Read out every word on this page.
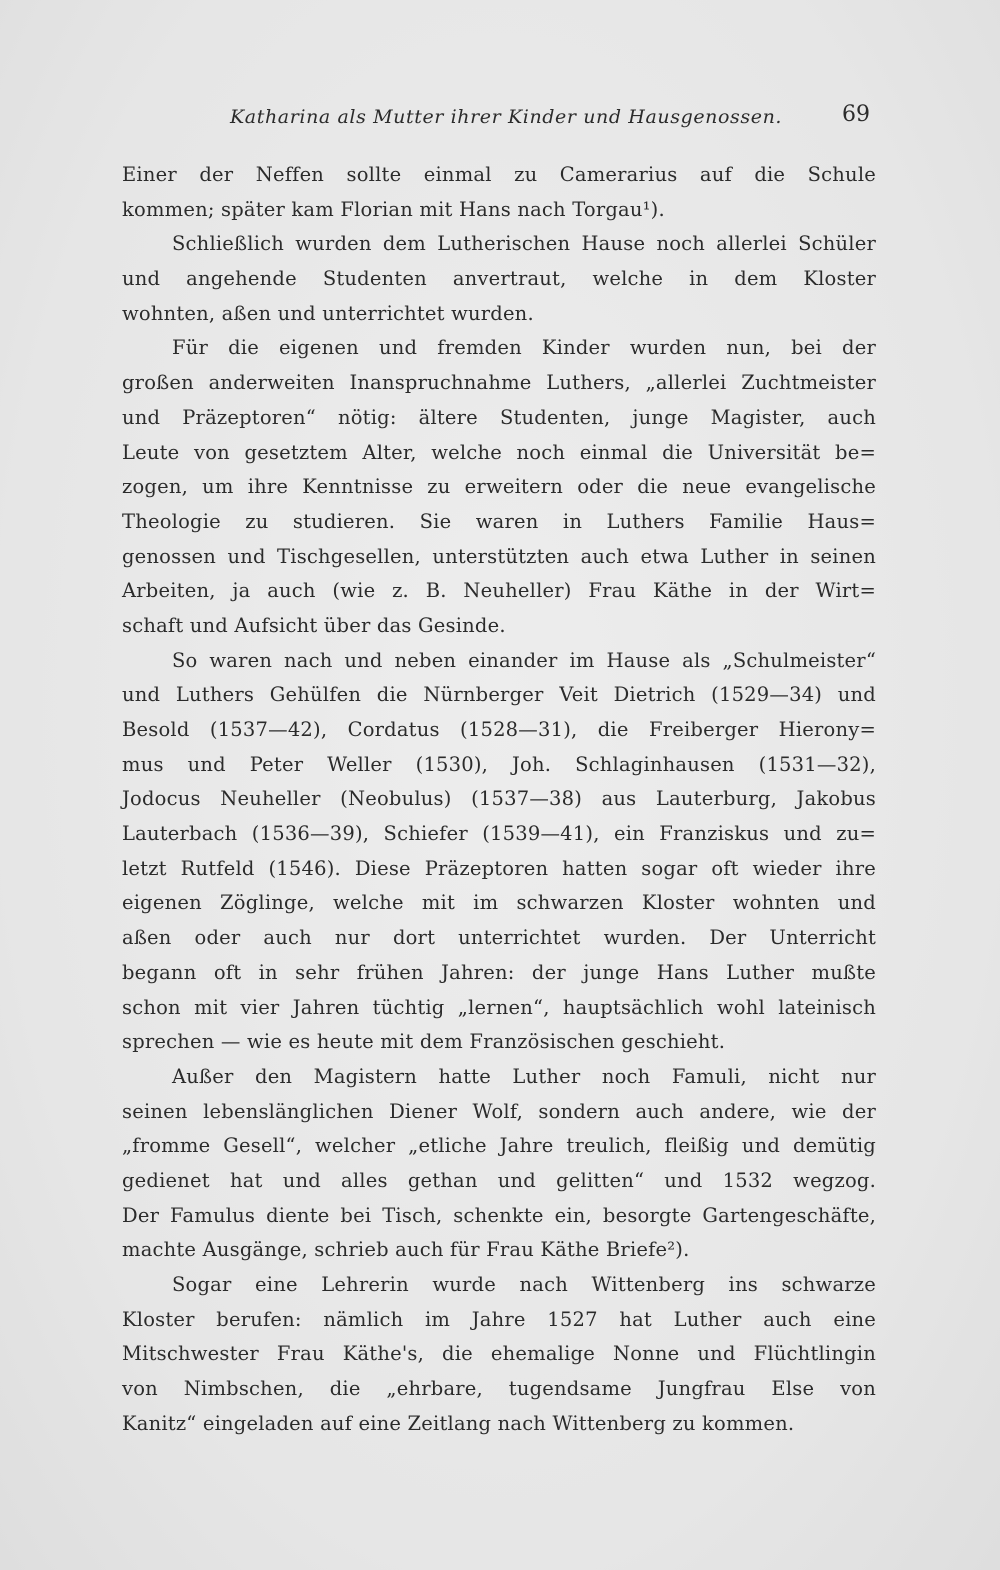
Katharina als Mutter ihrer Kinder und Hausgenossen.	69
Einer der Neffen sollte einmal zu Camerarius auf die Schule
kommen; später kam Florian mit Hans nach Torgau¹).
Schließlich wurden dem Lutherischen Hause noch allerlei Schüler
und angehende Studenten anvertraut, welche in dem Kloster
wohnten, aßen und unterrichtet wurden.
Für die eigenen und fremden Kinder wurden nun, bei der
großen anderweiten Inanspruchnahme Luthers, „allerlei Zuchtmeister
und Präzeptoren“ nötig: ältere Studenten, junge Magister, auch
Leute von gesetztem Alter, welche noch einmal die Universität be=
zogen, um ihre Kenntnisse zu erweitern oder die neue evangelische
Theologie zu studieren. Sie waren in Luthers Familie Haus=
genossen und Tischgesellen, unterstützten auch etwa Luther in seinen
Arbeiten, ja auch (wie z. B. Neuheller) Frau Käthe in der Wirt=
schaft und Aufsicht über das Gesinde.
So waren nach und neben einander im Hause als „Schulmeister“
und Luthers Gehülfen die Nürnberger Veit Dietrich (1529—34) und
Besold (1537—42), Cordatus (1528—31), die Freiberger Hierony=
mus und Peter Weller (1530), Joh. Schlaginhausen (1531—32),
Jodocus Neuheller (Neobulus) (1537—38) aus Lauterburg, Jakobus
Lauterbach (1536—39), Schiefer (1539—41), ein Franziskus und zu=
letzt Rutfeld (1546). Diese Präzeptoren hatten sogar oft wieder ihre
eigenen Zöglinge, welche mit im schwarzen Kloster wohnten und
aßen oder auch nur dort unterrichtet wurden. Der Unterricht
begann oft in sehr frühen Jahren: der junge Hans Luther mußte
schon mit vier Jahren tüchtig „lernen“, hauptsächlich wohl lateinisch
sprechen — wie es heute mit dem Französischen geschieht.
Außer den Magistern hatte Luther noch Famuli, nicht nur
seinen lebenslänglichen Diener Wolf, sondern auch andere, wie der
„fromme Gesell“, welcher „etliche Jahre treulich, fleißig und demütig
gedienet hat und alles gethan und gelitten“ und 1532 wegzog.
Der Famulus diente bei Tisch, schenkte ein, besorgte Gartengeschäfte,
machte Ausgänge, schrieb auch für Frau Käthe Briefe²).
Sogar eine Lehrerin wurde nach Wittenberg ins schwarze
Kloster berufen: nämlich im Jahre 1527 hat Luther auch eine
Mitschwester Frau Käthe's, die ehemalige Nonne und Flüchtlingin
von Nimbschen, die „ehrbare, tugendsame Jungfrau Else von
Kanitz“ eingeladen auf eine Zeitlang nach Wittenberg zu kommen.
